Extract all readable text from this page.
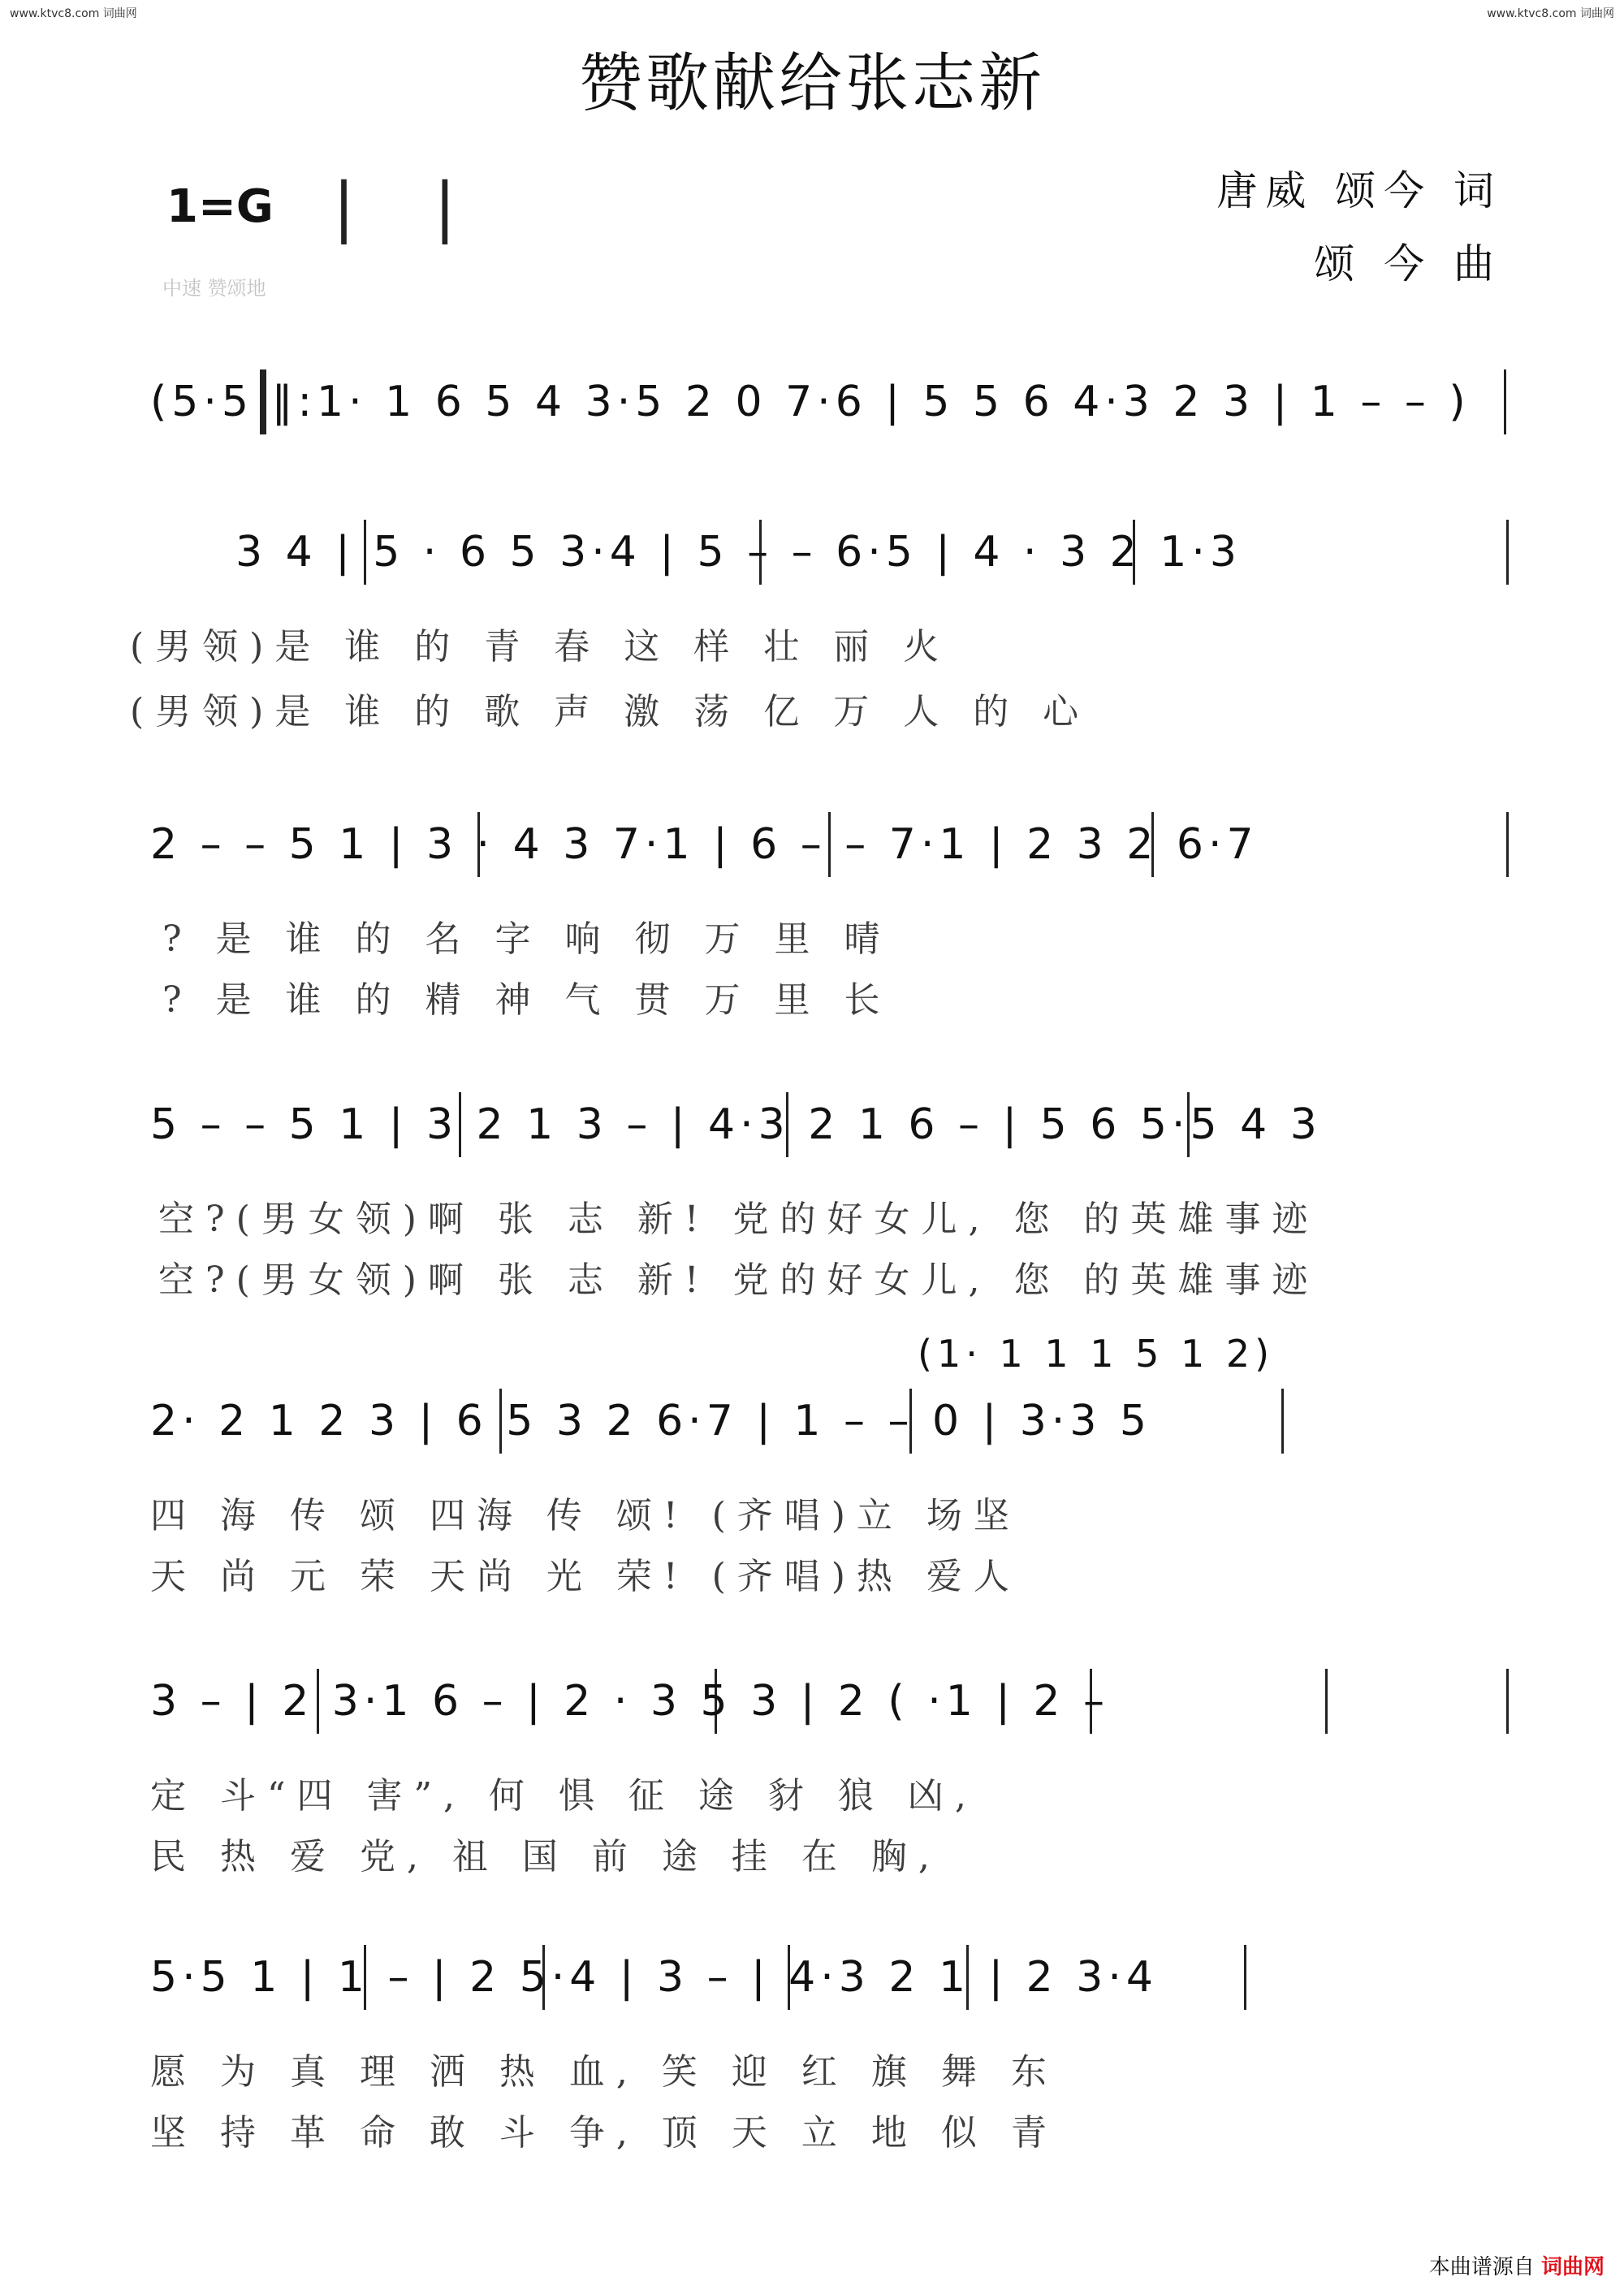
www.ktvc8.com 词曲网	www.ktvc8.com 词曲网
赞歌献给张志新
1=G | |
中速 赞颂地
唐威 颂今 词
颂 今 曲
(5·5 ‖:1· 1 6 5 4 3·5 2 0 7·6 | 5 5 6 4·3 2 3 | 1 – – )
3 4 | 5 · 6 5 3·4 | 5 – – 6·5 | 4 · 3 2 1·3
(男领)是 谁 的 青 春 这 样 壮 丽 火
(男领)是 谁 的 歌 声 激 荡 亿 万 人 的 心
2 – – 5 1 | 3 · 4 3 7·1 | 6 – – 7·1 | 2 3 2 6·7
? 是 谁 的 名 字 响 彻 万 里 晴
? 是 谁 的 精 神 气 贯 万 里 长
5 – – 5 1 | 3 2 1 3 – | 4·3 2 1 6 – | 5 6 5·5 4 3
空?(男女领)啊 张 志 新! 党的好女儿, 您 的英雄事迹
空?(男女领)啊 张 志 新! 党的好女儿, 您 的英雄事迹
(1· 1 1 1 5 1 2)
2· 2 1 2 3 | 6 5 3 2 6·7 | 1 – – 0 | 3·3 5
四 海 传 颂 四海 传 颂! (齐唱)立 场坚
天 尚 元 荣 天尚 光 荣! (齐唱)热 爱人
3 – | 2 3·1 6 – | 2 · 3 5 3 | 2 ( ·1 | 2 –
定 斗“四 害”, 何 惧 征 途 豺 狼 凶,
民 热 爱 党, 祖 国 前 途 挂 在 胸,
5·5 1 | 1 – | 2 5·4 | 3 – | 4·3 2 1 | 2 3·4
愿 为 真 理 洒 热 血, 笑 迎 红 旗 舞 东
坚 持 革 命 敢 斗 争, 顶 天 立 地 似 青
本曲谱源自 词曲网
